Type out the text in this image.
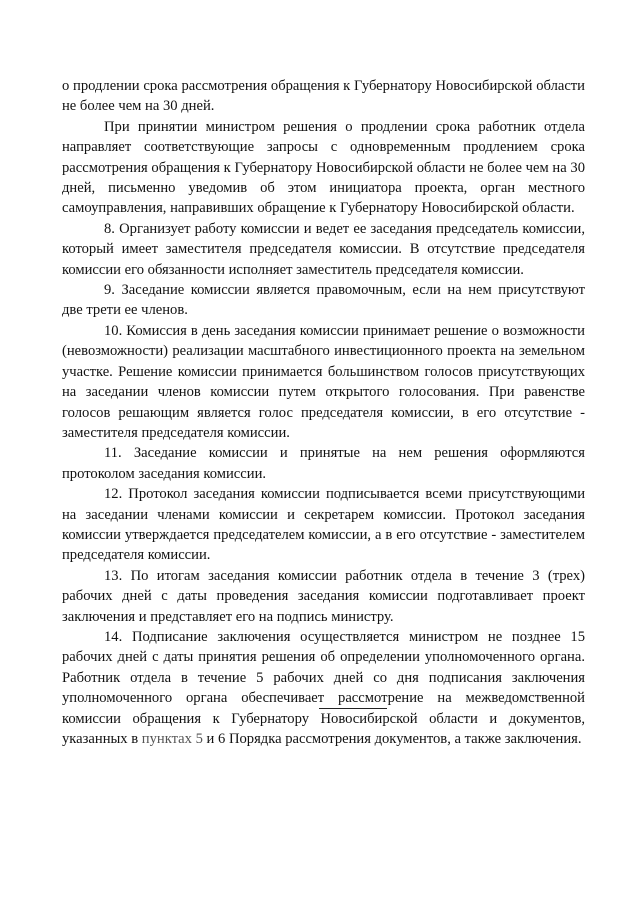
о продлении срока рассмотрения обращения к Губернатору Новосибирской области не более чем на 30 дней.

При принятии министром решения о продлении срока работник отдела направляет соответствующие запросы с одновременным продлением срока рассмотрения обращения к Губернатору Новосибирской области не более чем на 30 дней, письменно уведомив об этом инициатора проекта, орган местного самоуправления, направивших обращение к Губернатору Новосибирской области.

8. Организует работу комиссии и ведет ее заседания председатель комиссии, который имеет заместителя председателя комиссии. В отсутствие председателя комиссии его обязанности исполняет заместитель председателя комиссии.

9. Заседание комиссии является правомочным, если на нем присутствуют две трети ее членов.

10. Комиссия в день заседания комиссии принимает решение о возможности (невозможности) реализации масштабного инвестиционного проекта на земельном участке. Решение комиссии принимается большинством голосов присутствующих на заседании членов комиссии путем открытого голосования. При равенстве голосов решающим является голос председателя комиссии, в его отсутствие - заместителя председателя комиссии.

11. Заседание комиссии и принятые на нем решения оформляются протоколом заседания комиссии.

12. Протокол заседания комиссии подписывается всеми присутствующими на заседании членами комиссии и секретарем комиссии. Протокол заседания комиссии утверждается председателем комиссии, а в его отсутствие - заместителем председателя комиссии.

13. По итогам заседания комиссии работник отдела в течение 3 (трех) рабочих дней с даты проведения заседания комиссии подготавливает проект заключения и представляет его на подпись министру.

14. Подписание заключения осуществляется министром не позднее 15 рабочих дней с даты принятия решения об определении уполномоченного органа. Работник отдела в течение 5 рабочих дней со дня подписания заключения уполномоченного органа обеспечивает рассмотрение на межведомственной комиссии обращения к Губернатору Новосибирской области и документов, указанных в пунктах 5 и 6 Порядка рассмотрения документов, а также заключения.
